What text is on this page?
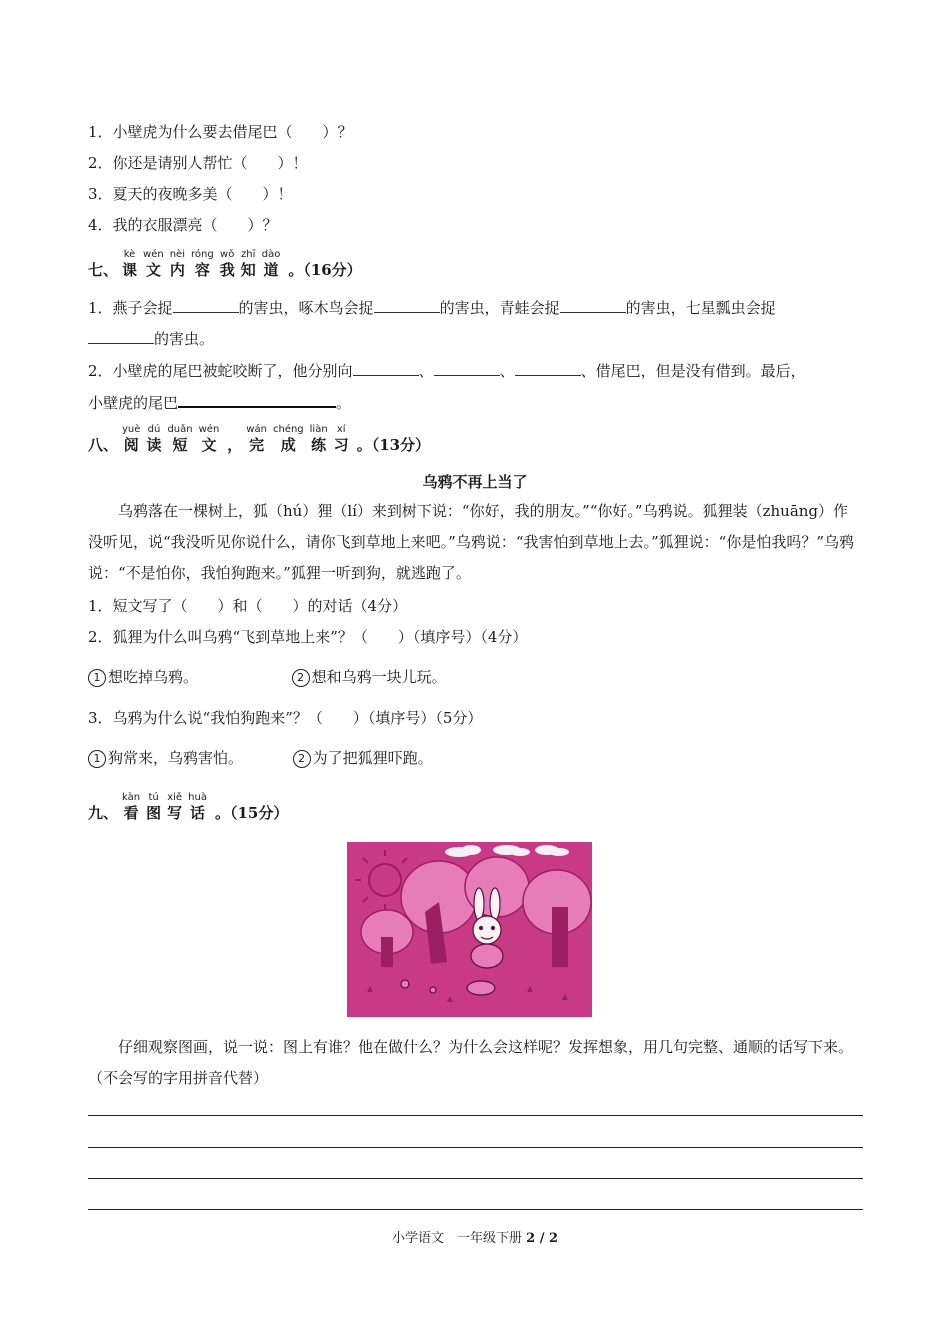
1．小壁虎为什么要去借尾巴（　　）？
2．你还是请别人帮忙（　　）！
3．夏天的夜晚多美（　　）！
4．我的衣服漂亮（　　）？
七、
kè
课
wén
文
nèi
内
róng
容
wǒ
我
zhī
知
dào
道 。（16分）
1．燕子会捉	的害虫，啄木鸟会捉	的害虫，青蛙会捉	的害虫，七星瓢虫会捉
的害虫。
2．小壁虎的尾巴被蛇咬断了，他分别向	、	、	、借尾巴，但是没有借到。最后，
小壁虎的尾巴	。
八、
yuè
阅
dú
读
duǎn
短
wén
文 ，
wán
完
chéng
成
liàn
练
xí
习 。（13分）
乌鸦不再上当了
乌鸦落在一棵树上，狐（hú）狸（lí）来到树下说：“你好，我的朋友。”“你好。”乌鸦说。狐狸装（zhuāng）作没听见，说“我没听见你说什么，请你飞到草地上来吧。”乌鸦说：“我害怕到草地上去。”狐狸说：“你是怕我吗？”乌鸦说：“不是怕你，我怕狗跑来。”狐狸一听到狗，就逃跑了。
1．短文写了（　　）和（　　）的对话（4分）
2．狐狸为什么叫乌鸦“飞到草地上来”？（　　）（填序号）（4分）
1 想吃掉乌鸦。	2 想和乌鸦一块儿玩。
3．乌鸦为什么说“我怕狗跑来”？（　　）（填序号）（5分）
1 狗常来，乌鸦害怕。	2 为了把狐狸吓跑。
九、
kàn
看
tú
图
xiě
写
huà
话 。（15分）
仔细观察图画，说一说：图上有谁？他在做什么？为什么会这样呢？发挥想象，用几句完整、通顺的话写下来。（不会写的字用拼音代替）
小学语文　一年级下册 2 / 2
